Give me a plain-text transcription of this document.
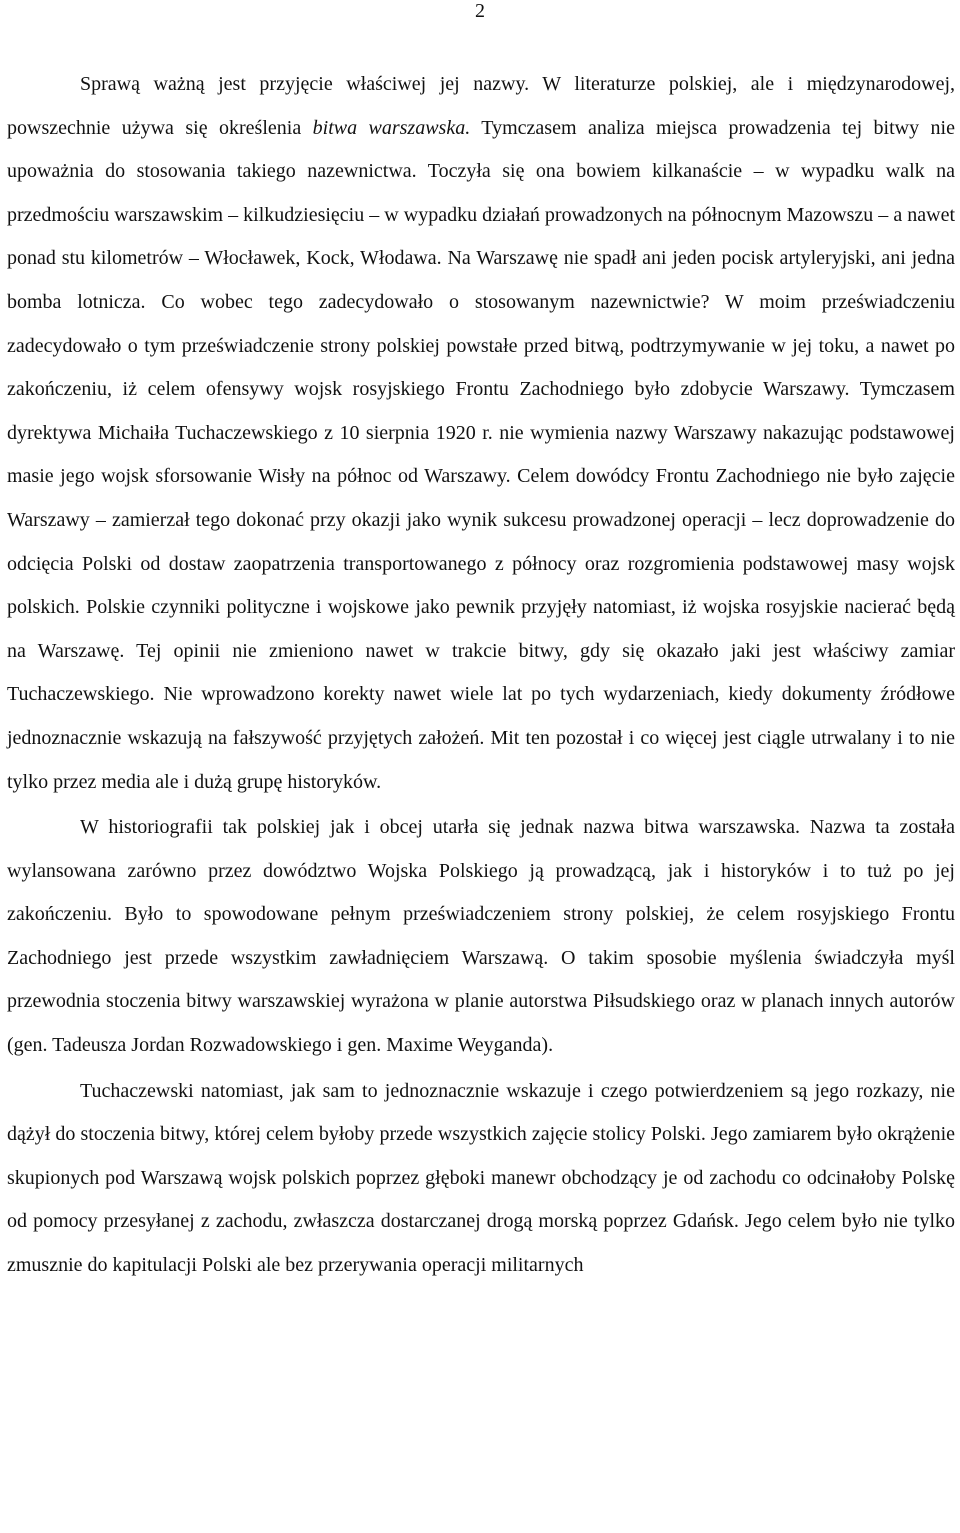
2

Sprawą ważną jest przyjęcie właściwej jej nazwy. W literaturze polskiej, ale i międzynarodowej, powszechnie używa się określenia bitwa warszawska. Tymczasem analiza miejsca prowadzenia tej bitwy nie upoważnia do stosowania takiego nazewnictwa. Toczyła się ona bowiem kilkanaście – w wypadku walk na przedmościu warszawskim – kilkudziesięciu – w wypadku działań prowadzonych na północnym Mazowszu – a nawet ponad stu kilometrów – Włocławek, Kock, Włodawa. Na Warszawę nie spadł ani jeden pocisk artyleryjski, ani jedna bomba lotnicza. Co wobec tego zadecydowało o stosowanym nazewnictwie? W moim przeświadczeniu zadecydowało o tym przeświadczenie strony polskiej powstałe przed bitwą, podtrzymywanie w jej toku, a nawet po zakończeniu, iż celem ofensywy wojsk rosyjskiego Frontu Zachodniego było zdobycie Warszawy. Tymczasem dyrektywa Michaiła Tuchaczewskiego z 10 sierpnia 1920 r. nie wymienia nazwy Warszawy nakazując podstawowej masie jego wojsk sforsowanie Wisły na północ od Warszawy. Celem dowódcy Frontu Zachodniego nie było zajęcie Warszawy – zamierzał tego dokonać przy okazji jako wynik sukcesu prowadzonej operacji – lecz doprowadzenie do odcięcia Polski od dostaw zaopatrzenia transportowanego z północy oraz rozgromienia podstawowej masy wojsk polskich. Polskie czynniki polityczne i wojskowe jako pewnik przyjęły natomiast, iż wojska rosyjskie nacierać będą na Warszawę. Tej opinii nie zmieniono nawet w trakcie bitwy, gdy się okazało jaki jest właściwy zamiar Tuchaczewskiego. Nie wprowadzono korekty nawet wiele lat po tych wydarzeniach, kiedy dokumenty źródłowe jednoznacznie wskazują na fałszywość przyjętych założeń. Mit ten pozostał i co więcej jest ciągle utrwalany i to nie tylko przez media ale i dużą grupę historyków.

W historiografii tak polskiej jak i obcej utarła się jednak nazwa bitwa warszawska. Nazwa ta została wylansowana zarówno przez dowództwo Wojska Polskiego ją prowadzącą, jak i historyków i to tuż po jej zakończeniu. Było to spowodowane pełnym przeświadczeniem strony polskiej, że celem rosyjskiego Frontu Zachodniego jest przede wszystkim zawładnięciem Warszawą. O takim sposobie myślenia świadczyła myśl przewodnia stoczenia bitwy warszawskiej wyrażona w planie autorstwa Piłsudskiego oraz w planach innych autorów (gen. Tadeusza Jordan Rozwadowskiego i gen. Maxime Weyganda).

Tuchaczewski natomiast, jak sam to jednoznacznie wskazuje i czego potwierdzeniem są jego rozkazy, nie dążył do stoczenia bitwy, której celem byłoby przede wszystkich zajęcie stolicy Polski. Jego zamiarem było okrążenie skupionych pod Warszawą wojsk polskich poprzez głęboki manewr obchodzący je od zachodu co odcinałoby Polskę od pomocy przesyłanej z zachodu, zwłaszcza dostarczanej drogą morską poprzez Gdańsk. Jego celem było nie tylko zmusznie do kapitulacji Polski ale bez przerywania operacji militarnych
